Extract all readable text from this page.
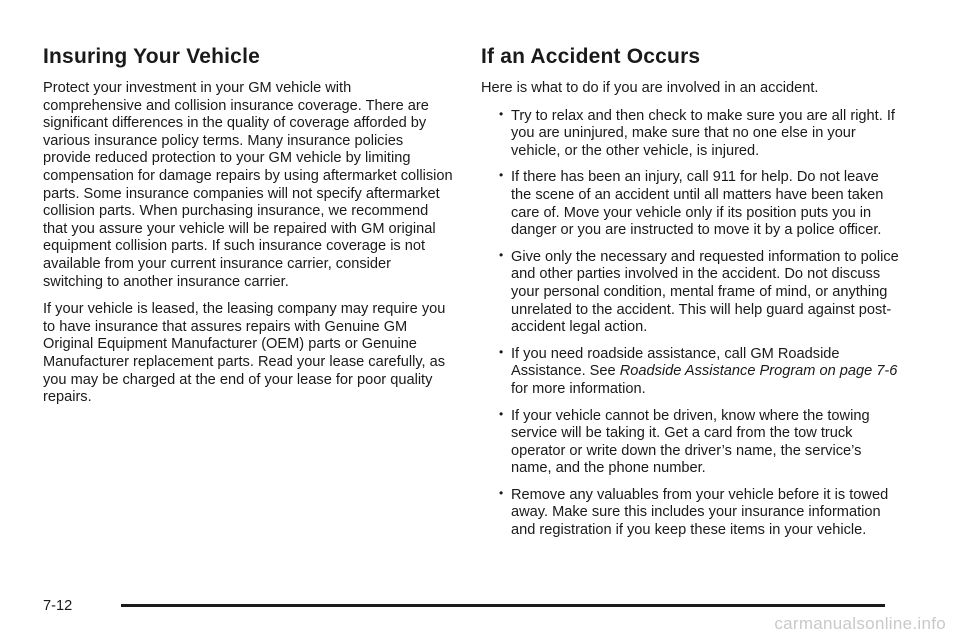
Insuring Your Vehicle

Protect your investment in your GM vehicle with comprehensive and collision insurance coverage. There are significant differences in the quality of coverage afforded by various insurance policy terms. Many insurance policies provide reduced protection to your GM vehicle by limiting compensation for damage repairs by using aftermarket collision parts. Some insurance companies will not specify aftermarket collision parts. When purchasing insurance, we recommend that you assure your vehicle will be repaired with GM original equipment collision parts. If such insurance coverage is not available from your current insurance carrier, consider switching to another insurance carrier.

If your vehicle is leased, the leasing company may require you to have insurance that assures repairs with Genuine GM Original Equipment Manufacturer (OEM) parts or Genuine Manufacturer replacement parts. Read your lease carefully, as you may be charged at the end of your lease for poor quality repairs.

If an Accident Occurs

Here is what to do if you are involved in an accident.

• Try to relax and then check to make sure you are all right. If you are uninjured, make sure that no one else in your vehicle, or the other vehicle, is injured.
• If there has been an injury, call 911 for help. Do not leave the scene of an accident until all matters have been taken care of. Move your vehicle only if its position puts you in danger or you are instructed to move it by a police officer.
• Give only the necessary and requested information to police and other parties involved in the accident. Do not discuss your personal condition, mental frame of mind, or anything unrelated to the accident. This will help guard against post-accident legal action.
• If you need roadside assistance, call GM Roadside Assistance. See Roadside Assistance Program on page 7-6 for more information.
• If your vehicle cannot be driven, know where the towing service will be taking it. Get a card from the tow truck operator or write down the driver’s name, the service’s name, and the phone number.
• Remove any valuables from your vehicle before it is towed away. Make sure this includes your insurance information and registration if you keep these items in your vehicle.
7-12
carmanualsonline.info
